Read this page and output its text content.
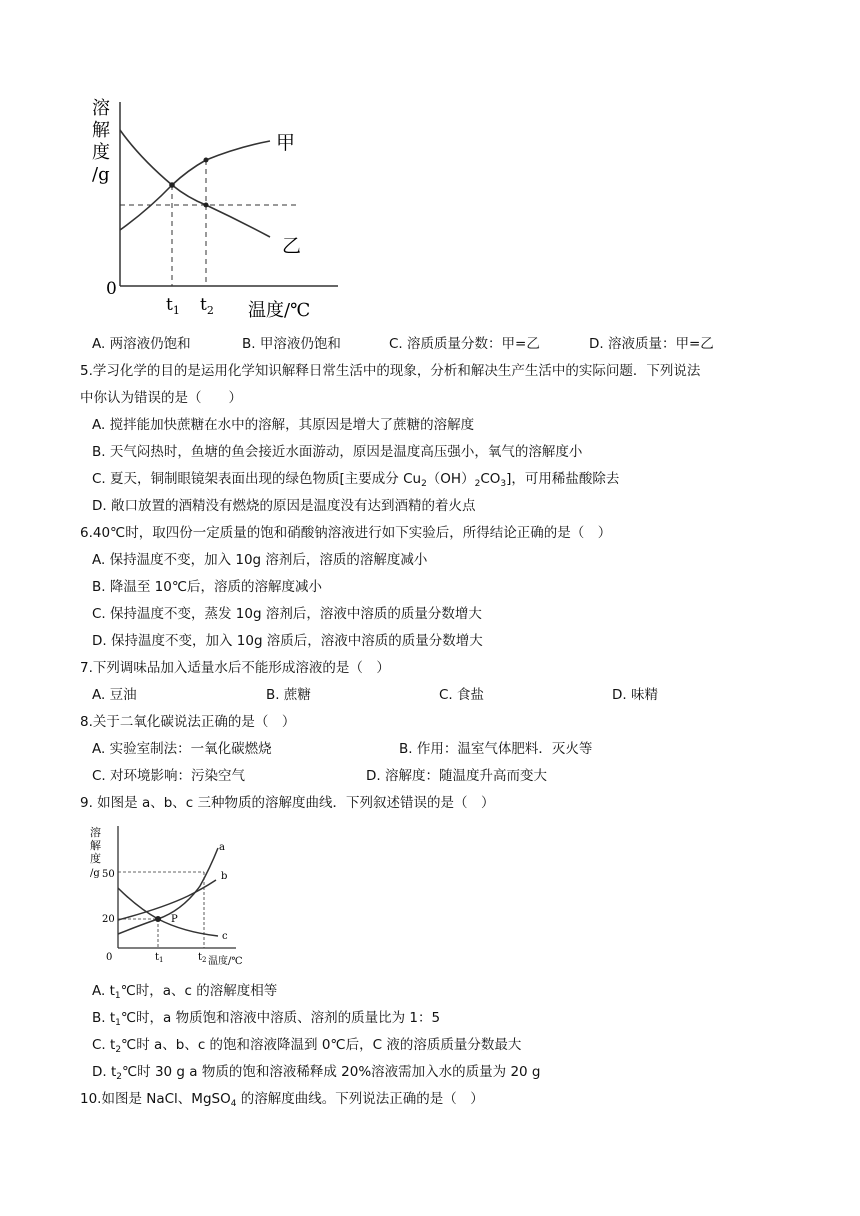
溶
解
度
/g
0
甲
乙
$t_1$ $t_2$ 温度/℃
A. 两溶液仍饱和	B. 甲溶液仍饱和	C. 溶质质量分数：甲=乙	D. 溶液质量：甲=乙
5.学习化学的目的是运用化学知识解释日常生活中的现象，分析和解决生产生活中的实际问题．下列说法
中你认为错误的是（　　）
A. 搅拌能加快蔗糖在水中的溶解，其原因是增大了蔗糖的溶解度
B. 天气闷热时，鱼塘的鱼会接近水面游动，原因是温度高压强小，氧气的溶解度小
C. 夏天，铜制眼镜架表面出现的绿色物质[主要成分 $Cu_2(OH)_2CO_3$]，可用稀盐酸除去
D. 敞口放置的酒精没有燃烧的原因是温度没有达到酒精的着火点
6.40℃时，取四份一定质量的饱和硝酸钠溶液进行如下实验后，所得结论正确的是（　）
A. 保持温度不变，加入 10g 溶剂后，溶质的溶解度减小
B. 降温至 10℃后，溶质的溶解度减小
C. 保持温度不变，蒸发 10g 溶剂后，溶液中溶质的质量分数增大
D. 保持温度不变，加入 10g 溶质后，溶液中溶质的质量分数增大
7.下列调味品加入适量水后不能形成溶液的是（　）
A. 豆油	B. 蔗糖	C. 食盐	D. 味精
8.关于二氧化碳说法正确的是（　）
A. 实验室制法：一氧化碳燃烧	B. 作用：温室气体肥料．灭火等
C. 对环境影响：污染空气	D. 溶解度：随温度升高而变大
9. 如图是 a、b、c 三种物质的溶解度曲线．下列叙述错误的是（　）
溶
解
度
/g 50
20
0
P
a
b
c
$t_1$	$t_2$ 温度/℃
A. $t_1℃$时，a、c 的溶解度相等
B. $t_1℃$时，a 物质饱和溶液中溶质、溶剂的质量比为 1：5
C. $t_2℃$时 a、b、c 的饱和溶液降温到 0℃后，C 液的溶质质量分数最大
D. $t_2℃$时 30 g a 物质的饱和溶液稀释成 20%溶液需加入水的质量为 20 g
10.如图是 NaCl、MgSO$_4$ 的溶解度曲线。下列说法正确的是（　）
